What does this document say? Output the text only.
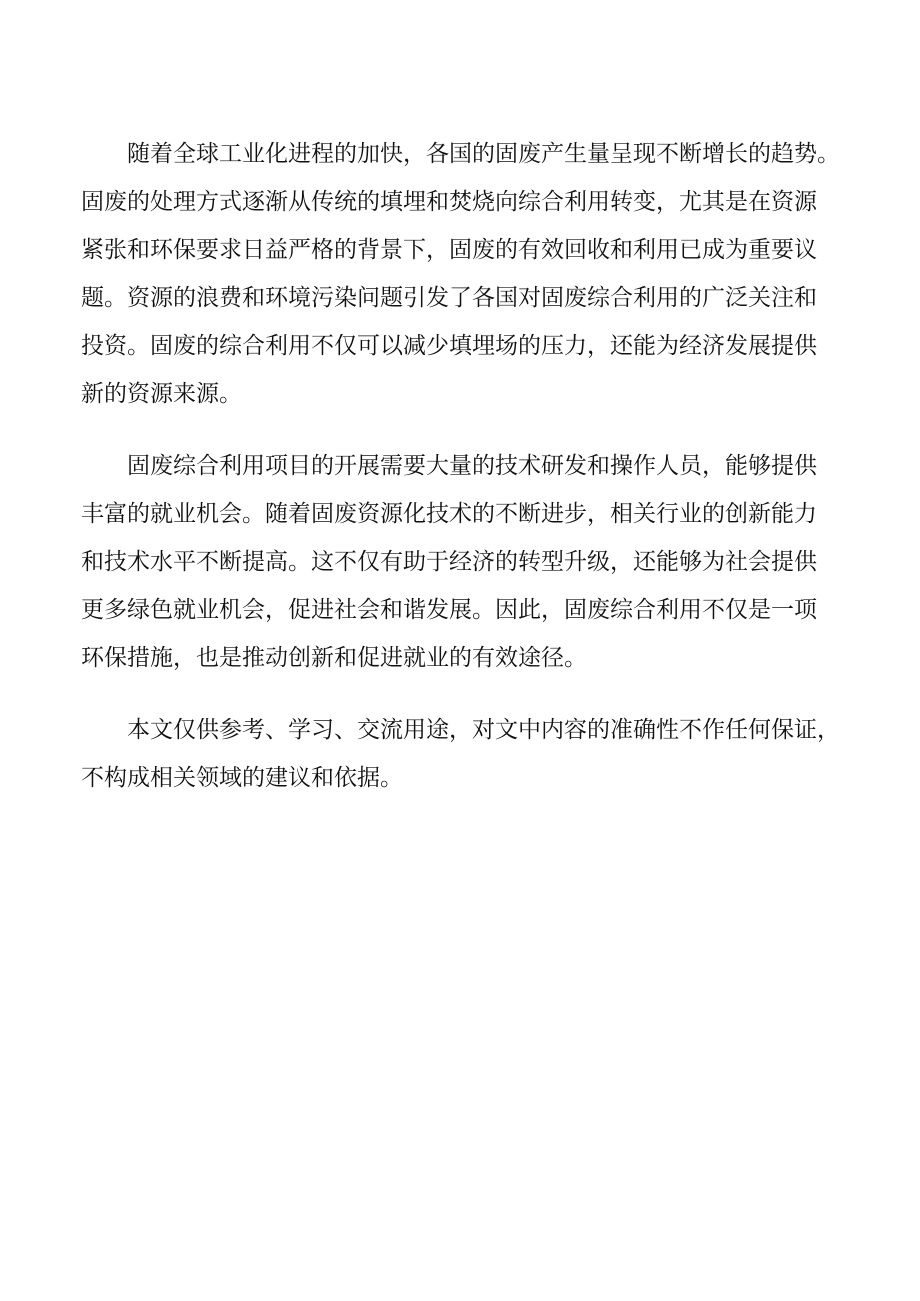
随着全球工业化进程的加快，各国的固废产生量呈现不断增长的趋势。
固废的处理方式逐渐从传统的填埋和焚烧向综合利用转变，尤其是在资源
紧张和环保要求日益严格的背景下，固废的有效回收和利用已成为重要议
题。资源的浪费和环境污染问题引发了各国对固废综合利用的广泛关注和
投资。固废的综合利用不仅可以减少填埋场的压力，还能为经济发展提供
新的资源来源。

固废综合利用项目的开展需要大量的技术研发和操作人员，能够提供
丰富的就业机会。随着固废资源化技术的不断进步，相关行业的创新能力
和技术水平不断提高。这不仅有助于经济的转型升级，还能够为社会提供
更多绿色就业机会，促进社会和谐发展。因此，固废综合利用不仅是一项
环保措施，也是推动创新和促进就业的有效途径。

本文仅供参考、学习、交流用途，对文中内容的准确性不作任何保证，
不构成相关领域的建议和依据。
